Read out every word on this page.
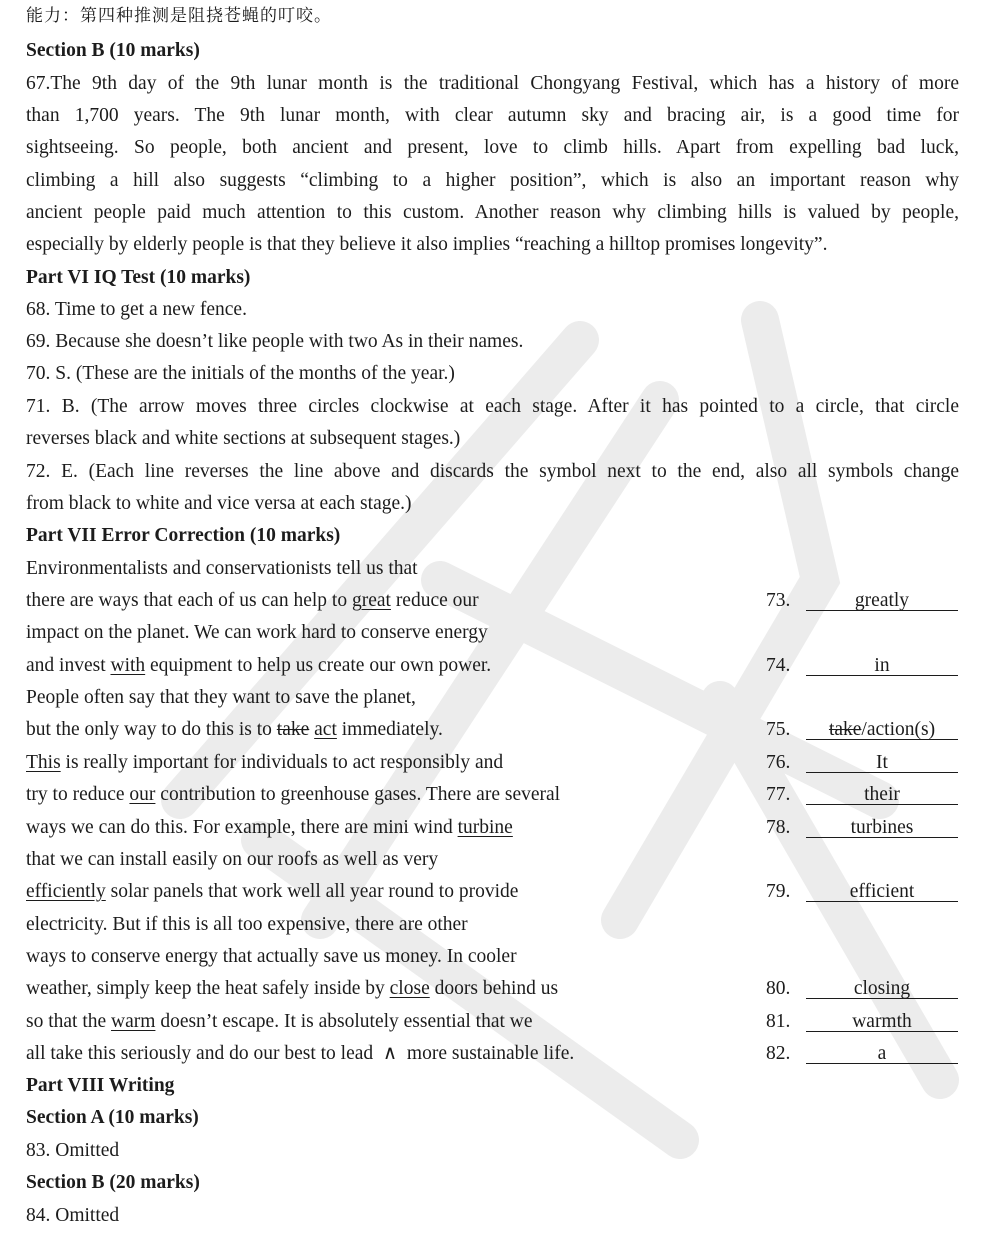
能力：第四种推测是阻挠苍蝇的叮咬。
Section B (10 marks)
67.The 9th day of the 9th lunar month is the traditional Chongyang Festival, which has a history of more
than 1,700 years. The 9th lunar month, with clear autumn sky and bracing air, is a good time for
sightseeing. So people, both ancient and present, love to climb hills. Apart from expelling bad luck,
climbing a hill also suggests “climbing to a higher position”, which is also an important reason why
ancient people paid much attention to this custom. Another reason why climbing hills is valued by people,
especially by elderly people is that they believe it also implies “reaching a hilltop promises longevity”.
Part VI IQ Test (10 marks)
68. Time to get a new fence.
69. Because she doesn’t like people with two As in their names.
70. S. (These are the initials of the months of the year.)
71. B. (The arrow moves three circles clockwise at each stage. After it has pointed to a circle, that circle
reverses black and white sections at subsequent stages.)
72. E. (Each line reverses the line above and discards the symbol next to the end, also all symbols change
from black to white and vice versa at each stage.)
Part VII Error Correction (10 marks)
Environmentalists and conservationists tell us that
there are ways that each of us can help to great reduce our
impact on the planet. We can work hard to conserve energy
and invest with equipment to help us create our own power.
People often say that they want to save the planet,
but the only way to do this is to take act immediately.
This is really important for individuals to act responsibly and
try to reduce our contribution to greenhouse gases. There are several
ways we can do this. For example, there are mini wind turbine
that we can install easily on our roofs as well as very
efficiently solar panels that work well all year round to provide
electricity. But if this is all too expensive, there are other
ways to conserve energy that actually save us money. In cooler
weather, simply keep the heat safely inside by close doors behind us
so that the warm doesn’t escape. It is absolutely essential that we
all take this seriously and do our best to lead  ∧  more sustainable life.
73.	greatly
74.	in
75. take/action(s)
76.	It
77.	their
78.	turbines
79.	efficient
80.	closing
81.	warmth
82.	a
Part VIII Writing
Section A (10 marks)
83. Omitted
Section B (20 marks)
84. Omitted
